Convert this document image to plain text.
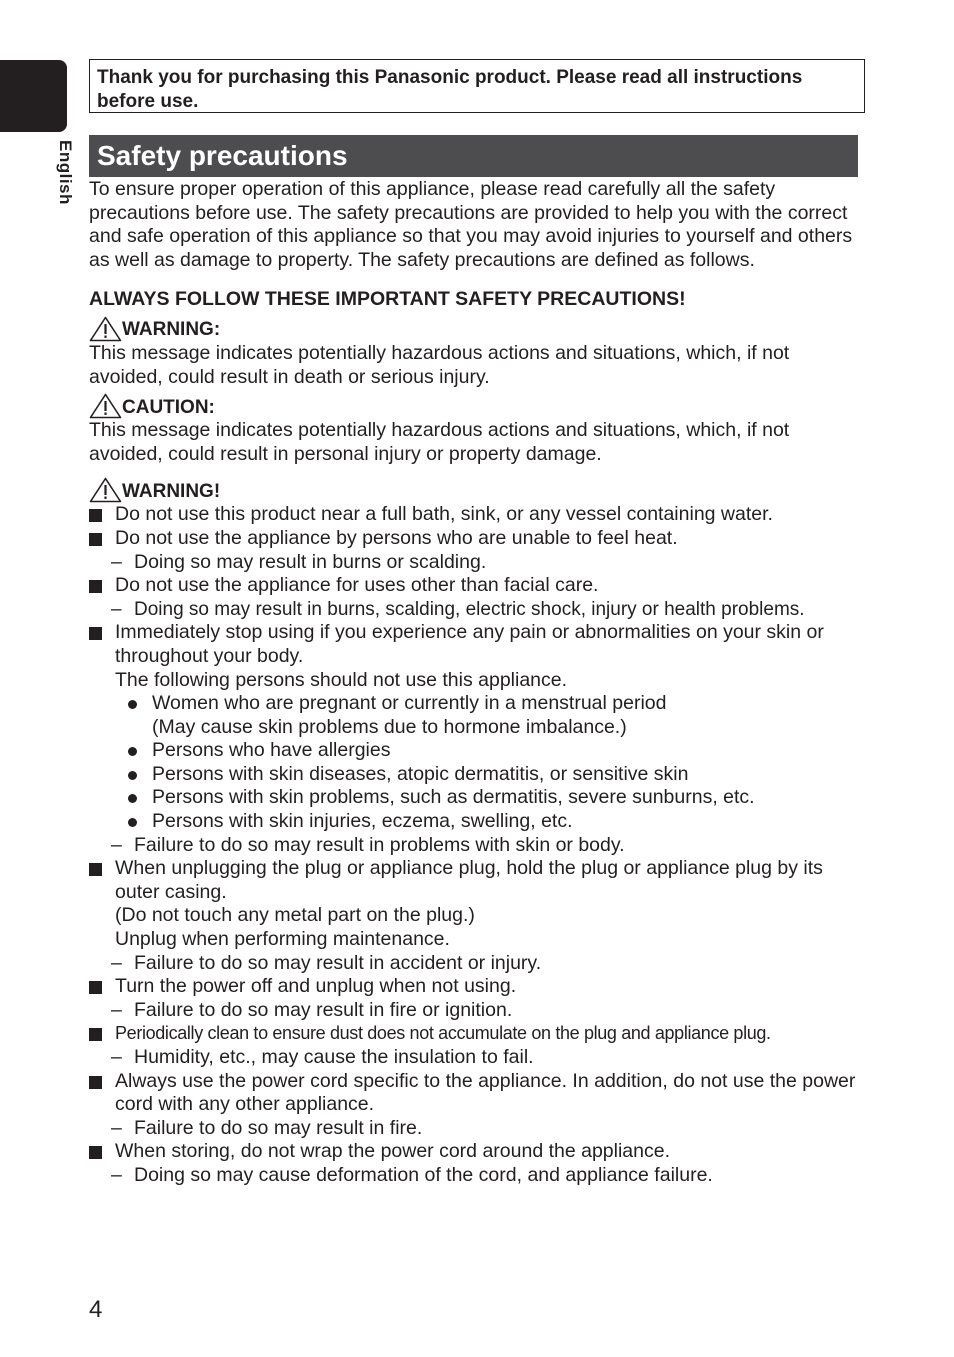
English
Thank you for purchasing this Panasonic product. Please read all instructions before use.
Safety precautions

To ensure proper operation of this appliance, please read carefully all the safety precautions before use. The safety precautions are provided to help you with the correct and safe operation of this appliance so that you may avoid injuries to yourself and others as well as damage to property. The safety precautions are defined as follows.

ALWAYS FOLLOW THESE IMPORTANT SAFETY PRECAUTIONS!

WARNING:

This message indicates potentially hazardous actions and situations, which, if not avoided, could result in death or serious injury.

CAUTION:

This message indicates potentially hazardous actions and situations, which, if not avoided, could result in personal injury or property damage.

WARNING!
Do not use this product near a full bath, sink, or any vessel containing water.
Do not use the appliance by persons who are unable to feel heat.
– Doing so may result in burns or scalding.
Do not use the appliance for uses other than facial care.
– Doing so may result in burns, scalding, electric shock, injury or health problems.
Immediately stop using if you experience any pain or abnormalities on your skin or throughout your body.
The following persons should not use this appliance.
Women who are pregnant or currently in a menstrual period
(May cause skin problems due to hormone imbalance.)
Persons who have allergies
Persons with skin diseases, atopic dermatitis, or sensitive skin
Persons with skin problems, such as dermatitis, severe sunburns, etc.
Persons with skin injuries, eczema, swelling, etc.
– Failure to do so may result in problems with skin or body.
When unplugging the plug or appliance plug, hold the plug or appliance plug by its outer casing.
(Do not touch any metal part on the plug.)
Unplug when performing maintenance.
– Failure to do so may result in accident or injury.
Turn the power off and unplug when not using.
– Failure to do so may result in fire or ignition.
Periodically clean to ensure dust does not accumulate on the plug and appliance plug.
– Humidity, etc., may cause the insulation to fail.
Always use the power cord specific to the appliance. In addition, do not use the power cord with any other appliance.
– Failure to do so may result in fire.
When storing, do not wrap the power cord around the appliance.
– Doing so may cause deformation of the cord, and appliance failure.
4
